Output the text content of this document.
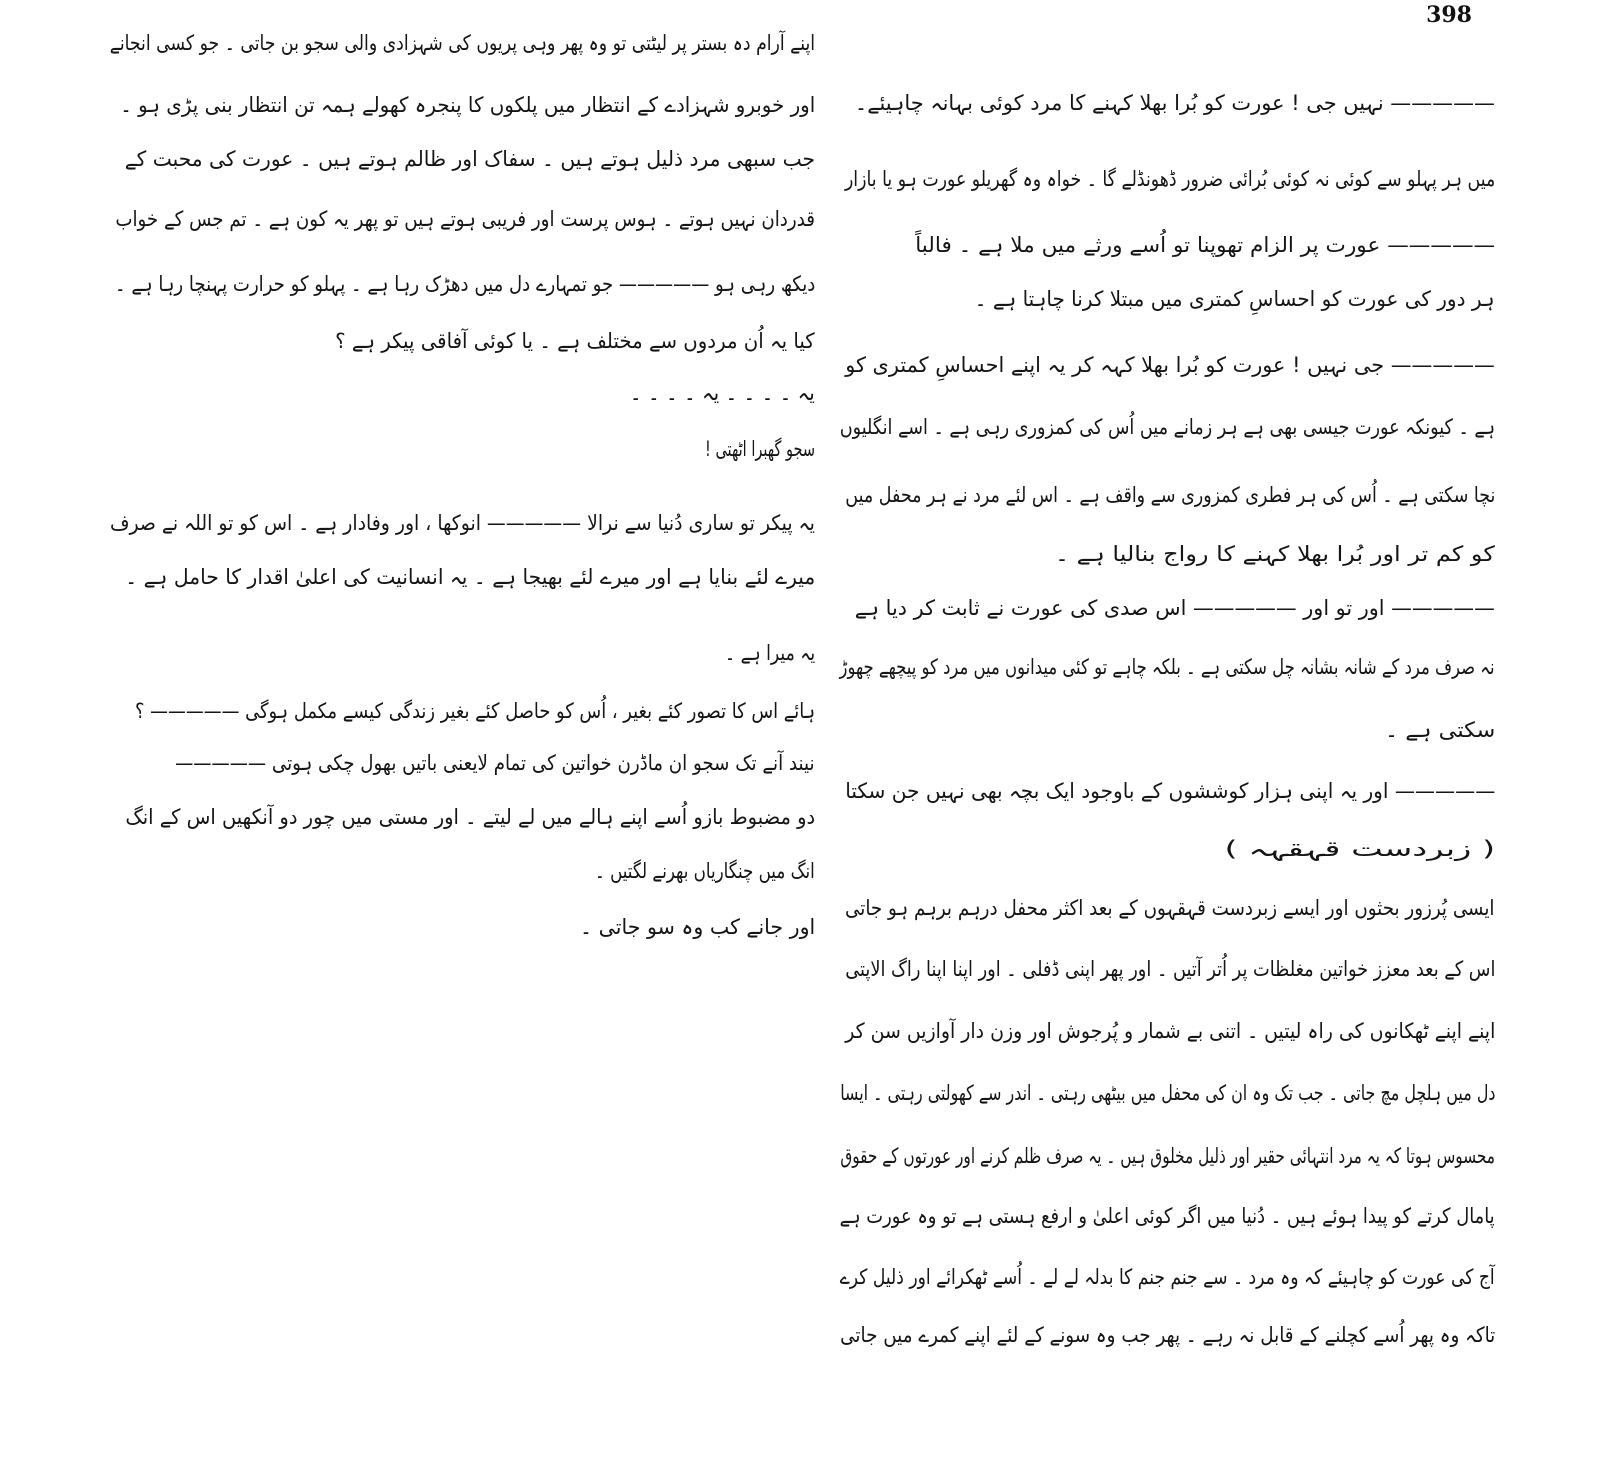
398
————— نہیں جی ! عورت کو بُرا بھلا کہنے کا مرد کوئی بہانہ چاہیئے۔
میں ہر پہلو سے کوئی نہ کوئی بُرائی ضرور ڈھونڈلے گا ۔ خواہ وہ گھریلو عورت ہو یا بازار
————— عورت پر الزام تھوپنا تو اُسے ورثے میں ملا ہے ۔ فالباً
ہر دور کی عورت کو احساسِ کمتری میں مبتلا کرنا چاہتا ہے ۔
————— جی نہیں ! عورت کو بُرا بھلا کہہ کر یہ اپنے احساسِ کمتری کو
ہے ۔ کیونکہ عورت جیسی بھی ہے ہر زمانے میں اُس کی کمزوری رہی ہے ۔ اسے انگلیوں
نچا سکتی ہے ۔ اُس کی ہر فطری کمزوری سے واقف ہے ۔ اس لئے مرد نے ہر محفل میں
کو کم تر اور بُرا بھلا کہنے کا رواج بنالیا ہے ۔
————— اور تو اور ————— اس صدی کی عورت نے ثابت کر دیا ہے
نہ صرف مرد کے شانہ بشانہ چل سکتی ہے ۔ بلکہ چاہے تو کئی میدانوں میں مرد کو پیچھے چھوڑ
سکتی ہے ۔
————— اور یہ اپنی ہزار کوششوں کے باوجود ایک بچہ بھی نہیں جن سکتا
( زبردست قہقہہ )
ایسی پُرزور بحثوں اور ایسے زبردست قہقہوں کے بعد اکثر محفل درہم برہم ہو جاتی
اس کے بعد معزز خواتین مغلظات پر اُتر آتیں ۔ اور پھر اپنی ڈفلی ۔ اور اپنا اپنا راگ الاپتی
اپنے اپنے ٹھکانوں کی راہ لیتیں ۔ اتنی بے شمار و پُرجوش اور وزن دار آوازیں سن کر
دل میں ہلچل مچ جاتی ۔ جب تک وہ ان کی محفل میں بیٹھی رہتی ۔ اندر سے کھولتی رہتی ۔ ایسا
محسوس ہوتا کہ یہ مرد انتہائی حقیر اور ذلیل مخلوق ہیں ۔ یہ صرف ظلم کرنے اور عورتوں کے حقوق
پامال کرتے کو پیدا ہوئے ہیں ۔ دُنیا میں اگر کوئی اعلیٰ و ارفع ہستی ہے تو وہ عورت ہے
آج کی عورت کو چاہیئے کہ وہ مرد ۔ سے جنم جنم کا بدلہ لے لے ۔ اُسے ٹھکرائے اور ذلیل کرے
تاکہ وہ پھر اُسے کچلنے کے قابل نہ رہے ۔ پھر جب وہ سونے کے لئے اپنے کمرے میں جاتی
اپنے آرام دہ بستر پر لیٹتی تو وہ پھر وہی پریوں کی شہزادی والی سجو بن جاتی ۔ جو کسی انجانے
اور خوبرو شہزادے کے انتظار میں پلکوں کا پنجرہ کھولے ہمہ تن انتظار بنی پڑی ہو ۔
جب سبھی مرد ذلیل ہوتے ہیں ۔ سفاک اور ظالم ہوتے ہیں ۔ عورت کی محبت کے
قدردان نہیں ہوتے ۔ ہوس پرست اور فریبی ہوتے ہیں تو پھر یہ کون ہے ۔ تم جس کے خواب
دیکھ رہی ہو ————— جو تمہارے دل میں دھڑک رہا ہے ۔ پہلو کو حرارت پہنچا رہا ہے ۔
کیا یہ اُن مردوں سے مختلف ہے ۔ یا کوئی آفاقی پیکر ہے ؟
یہ ۔ ۔ ۔ ۔ یہ ۔ ۔ ۔ ۔
سجو گھبرا اٹھتی !
یہ پیکر تو ساری دُنیا سے نرالا ————— انوکھا ، اور وفادار ہے ۔ اس کو تو اللہ نے صرف
میرے لئے بنایا ہے اور میرے لئے بھیجا ہے ۔ یہ انسانیت کی اعلیٰ اقدار کا حامل ہے ۔
یہ میرا ہے ۔
ہائے اس کا تصور کئے بغیر ، اُس کو حاصل کئے بغیر زندگی کیسے مکمل ہوگی ————— ؟
نیند آنے تک سجو ان ماڈرن خواتین کی تمام لایعنی باتیں بھول چکی ہوتی —————
دو مضبوط بازو اُسے اپنے ہالے میں لے لیتے ۔ اور مستی میں چور دو آنکھیں اس کے انگ
انگ میں چنگاریاں بھرنے لگتیں ۔
اور جانے کب وہ سو جاتی ۔
